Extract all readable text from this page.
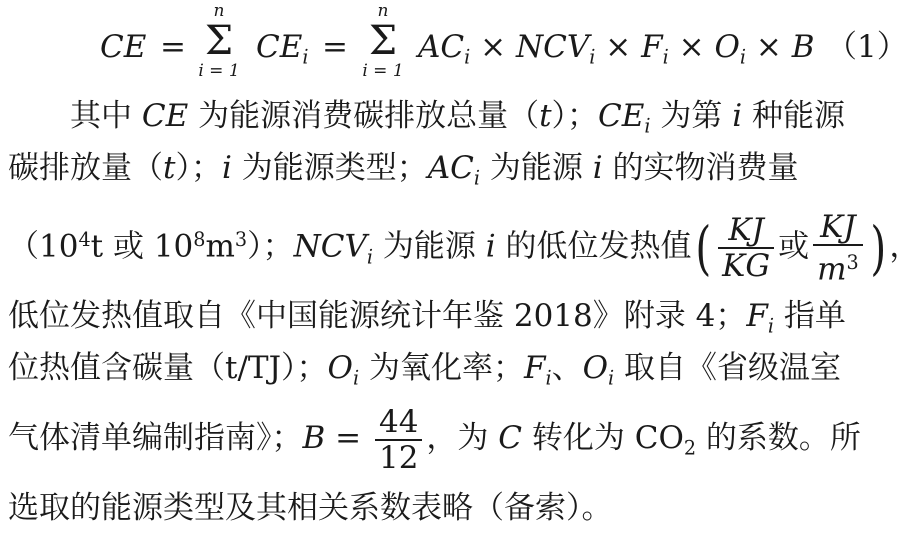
CE =
n
Σ
i = 1
$CE_i$ =
n
Σ
i = 1
$AC_i \times NCV_i \times F_i \times O_i \times B$ （1）
其中 CE 为能源消费碳排放总量（t）；$CE_i$ 为第 i 种能源
碳排放量（t）；i 为能源类型；$AC_i$ 为能源 i 的实物消费量
（$10^4t$ 或 $10^8m^3$）；$NCV_i$ 为能源 i 的低位发热值( $\frac{KJ}{KG}$ 或 $\frac{KJ}{m^3}$ ) ，
低位发热值取自《中国能源统计年鉴 2018》附录 4；$F_i$ 指单
位热值含碳量（t/TJ）；$O_i$ 为氧化率；$F_i$、$O_i$ 取自《省级温室
气体清单编制指南》；$B = \frac{44}{12}$ ，为 C 转化为 $CO_2$ 的系数。所
选取的能源类型及其相关系数表略（备索）。
